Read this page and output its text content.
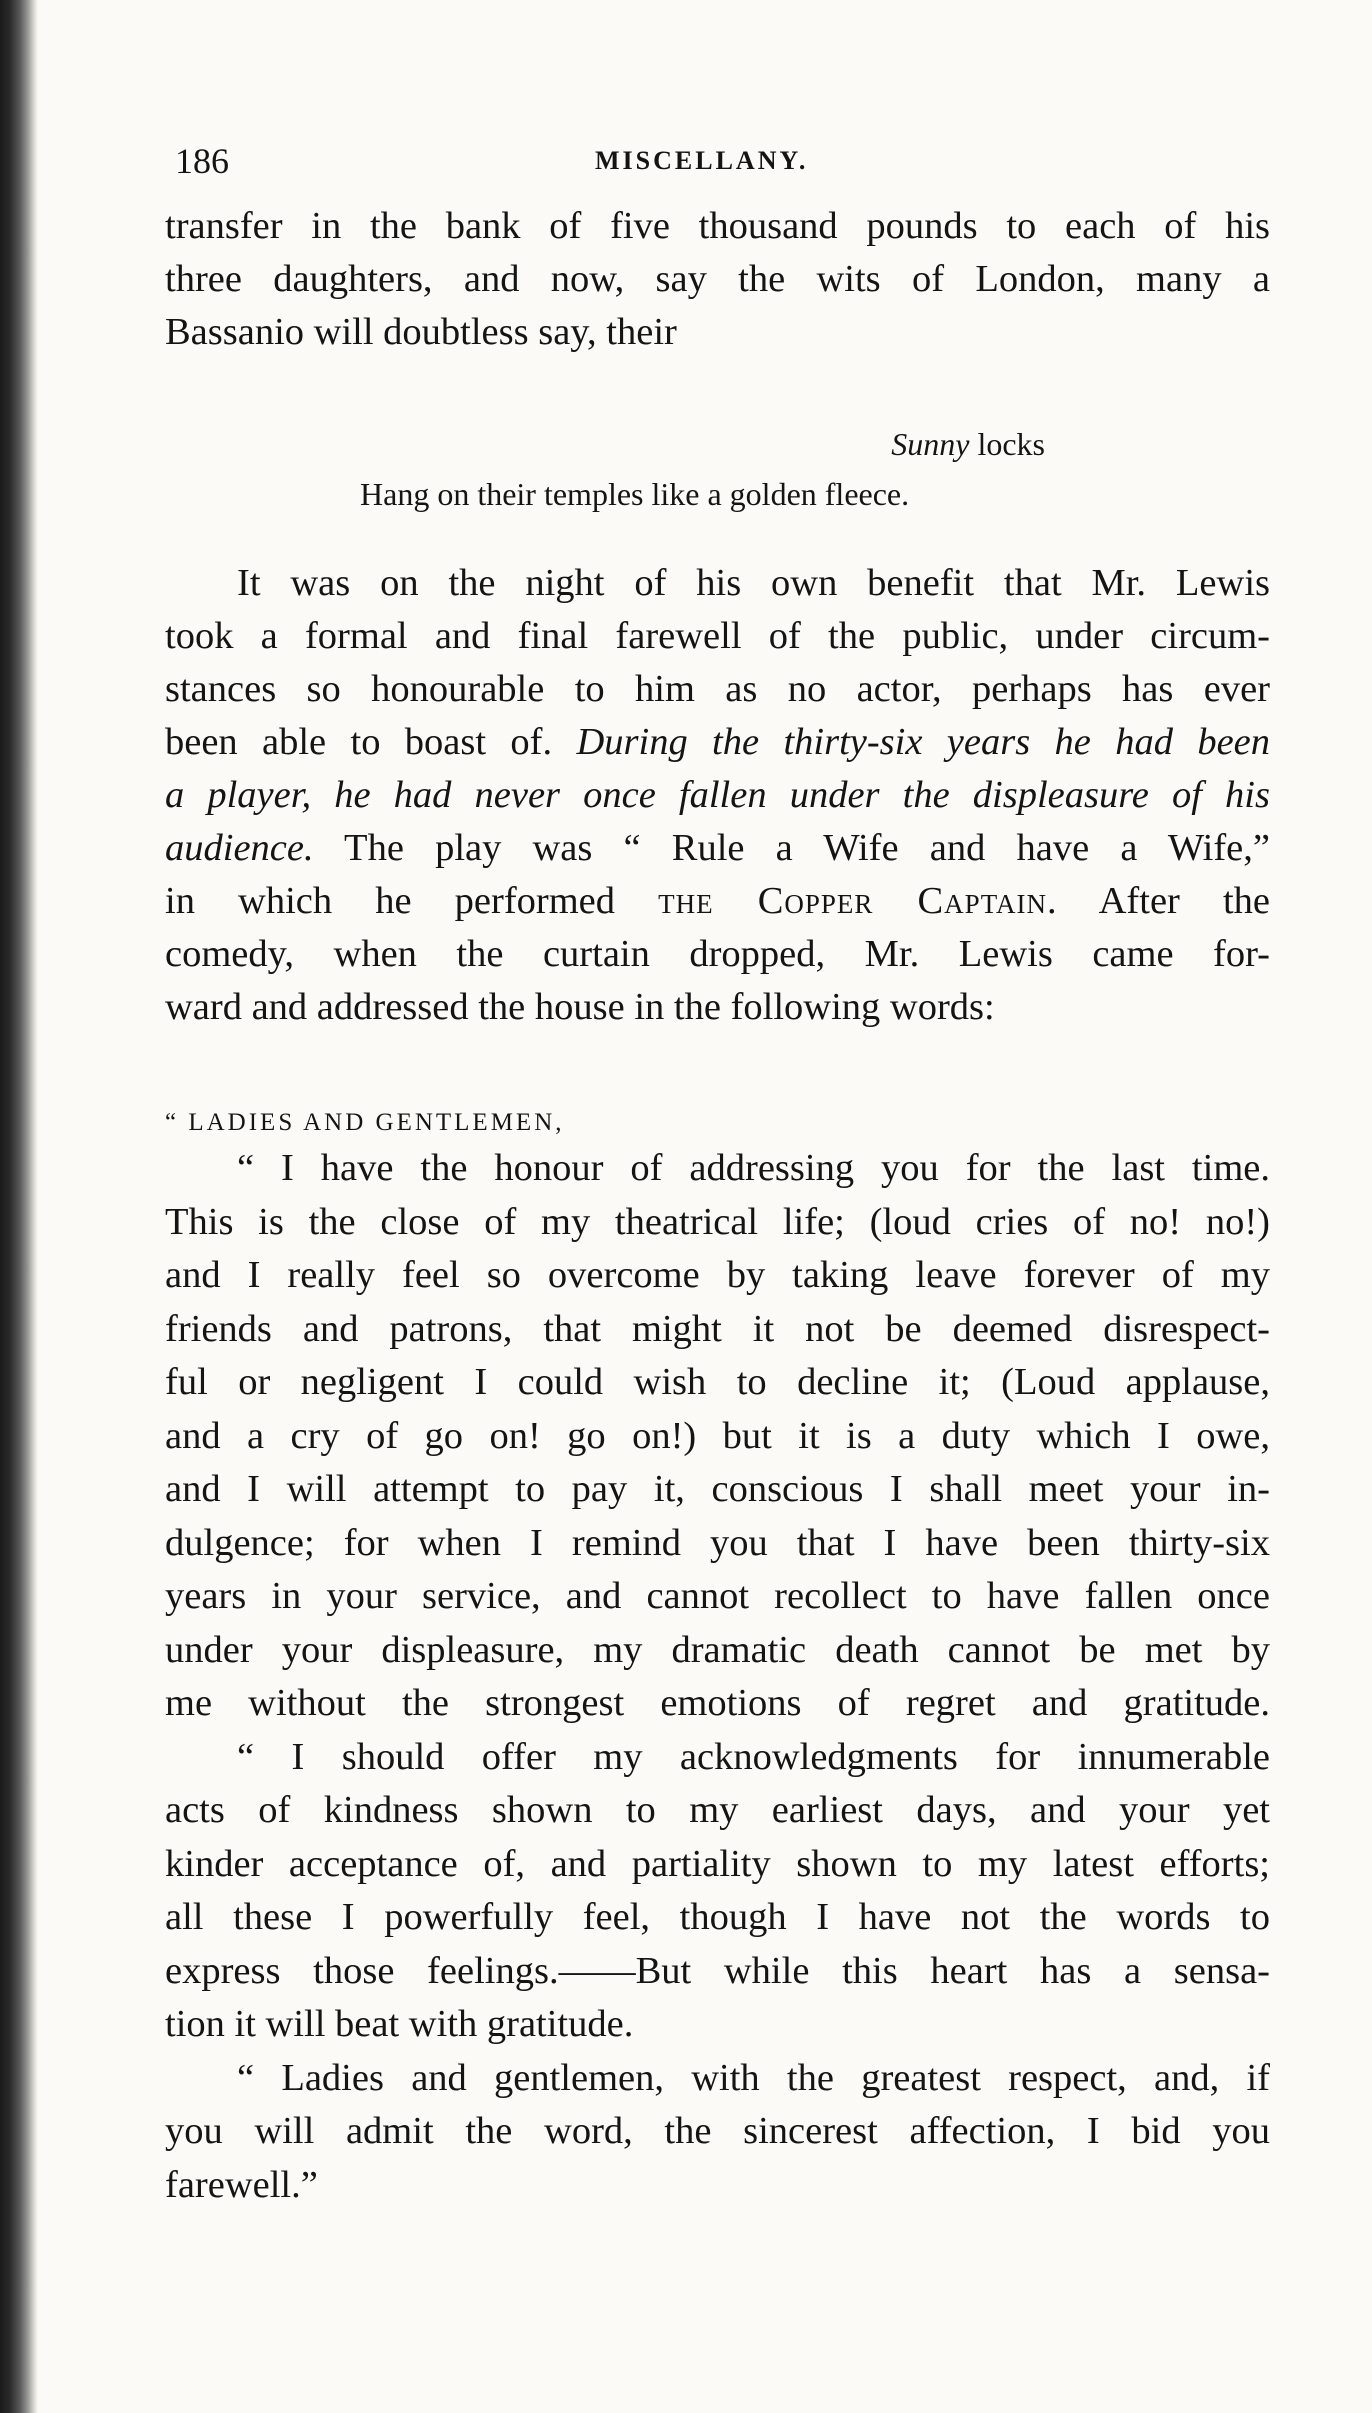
186	MISCELLANY.

transfer in the bank of five thousand pounds to each of his
three daughters, and now, say the wits of London, many a
Bassanio will doubtless say, their

Sunny locks
Hang on their temples like a golden fleece.

It was on the night of his own benefit that Mr. Lewis
took a formal and final farewell of the public, under circum-
stances so honourable to him as no actor, perhaps has ever
been able to boast of. During the thirty-six years he had been
a player, he had never once fallen under the displeasure of his
audience. The play was “ Rule a Wife and have a Wife,”
in which he performed the Copper Captain. After the
comedy, when the curtain dropped, Mr. Lewis came for-
ward and addressed the house in the following words:

“ LADIES AND GENTLEMEN,

“ I have the honour of addressing you for the last time.
This is the close of my theatrical life; (loud cries of no! no!)
and I really feel so overcome by taking leave forever of my
friends and patrons, that might it not be deemed disrespect-
ful or negligent I could wish to decline it; (Loud applause,
and a cry of go on! go on!) but it is a duty which I owe,
and I will attempt to pay it, conscious I shall meet your in-
dulgence; for when I remind you that I have been thirty-six
years in your service, and cannot recollect to have fallen once
under your displeasure, my dramatic death cannot be met by
me without the strongest emotions of regret and gratitude.

“ I should offer my acknowledgments for innumerable
acts of kindness shown to my earliest days, and your yet
kinder acceptance of, and partiality shown to my latest efforts;
all these I powerfully feel, though I have not the words to
express those feelings.——But while this heart has a sensa-
tion it will beat with gratitude.

“ Ladies and gentlemen, with the greatest respect, and, if
you will admit the word, the sincerest affection, I bid you
farewell.”
